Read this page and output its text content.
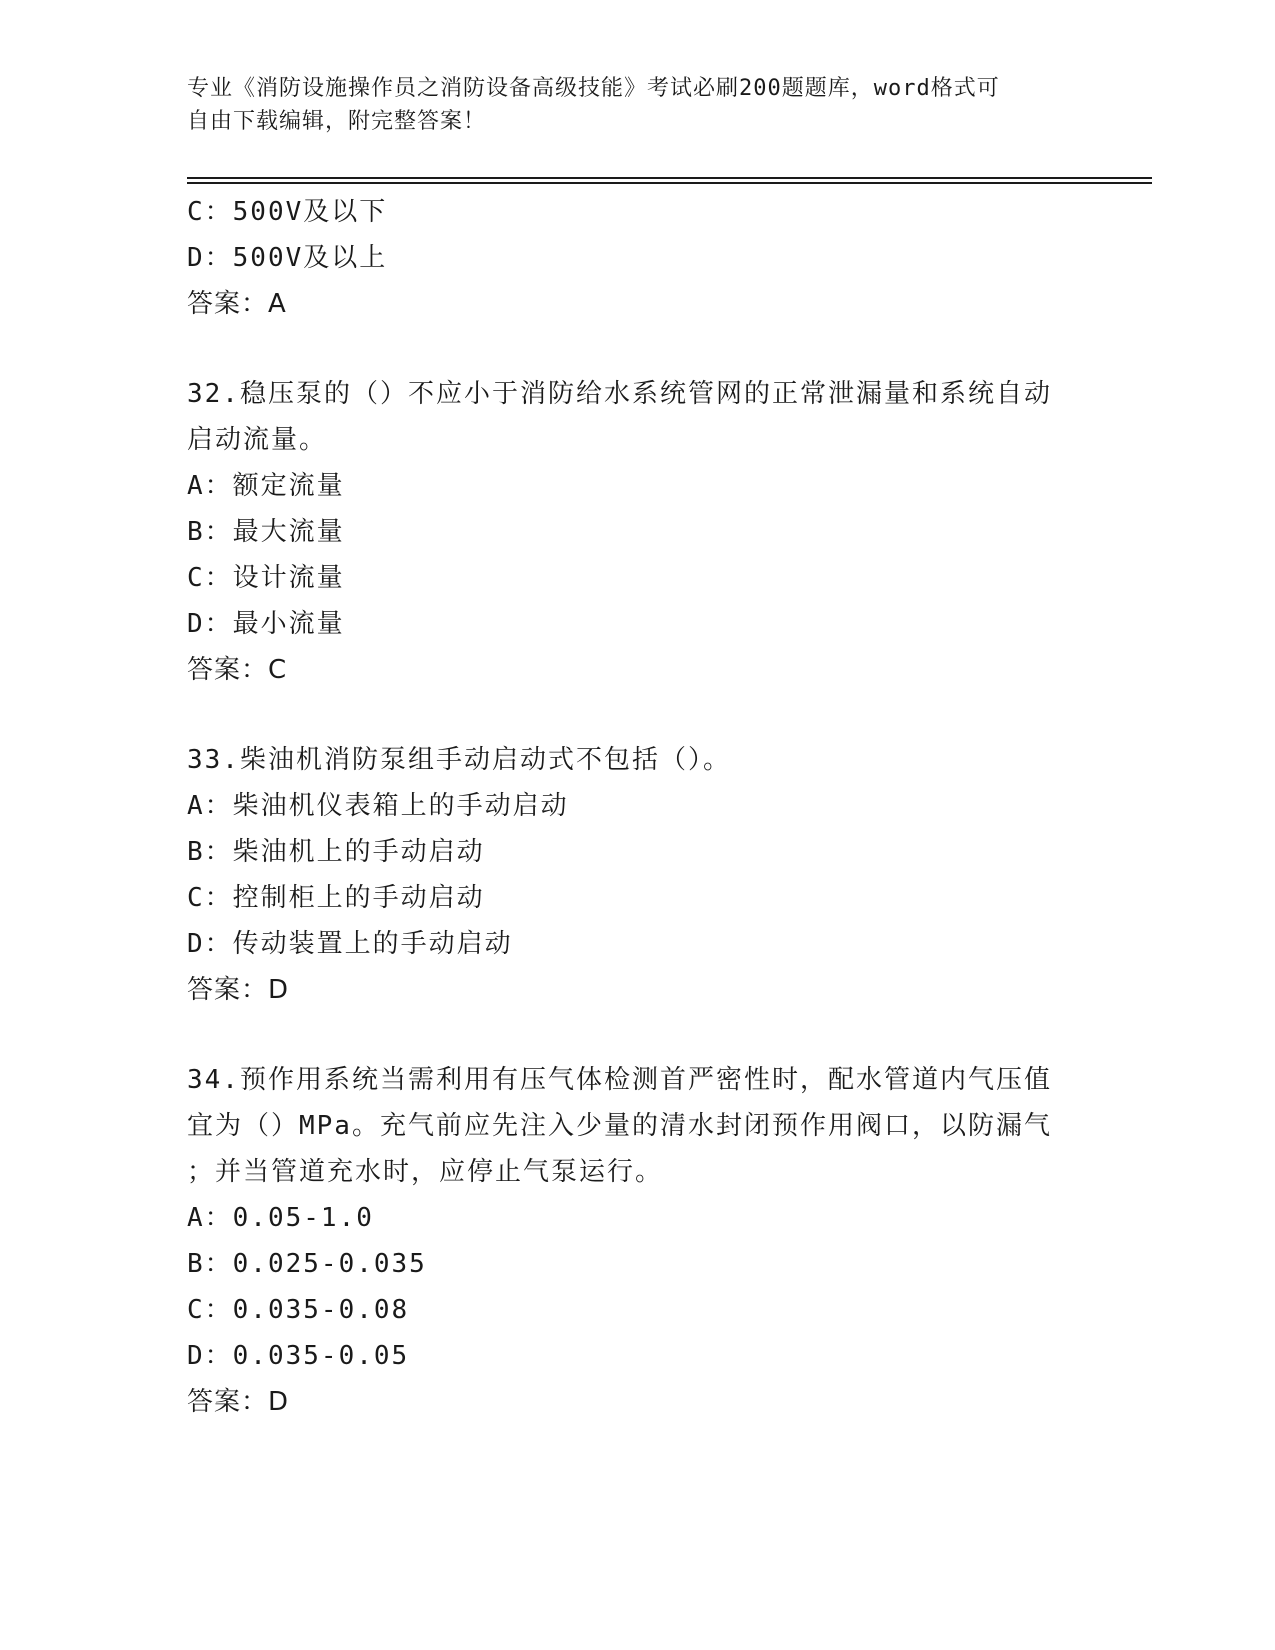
专业《消防设施操作员之消防设备高级技能》考试必刷200题题库，word格式可
自由下载编辑，附完整答案！
C：500V及以下
D：500V及以上
答案：A
32.稳压泵的（）不应小于消防给水系统管网的正常泄漏量和系统自动
启动流量。
A：额定流量
B：最大流量
C：设计流量
D：最小流量
答案：C
33.柴油机消防泵组手动启动式不包括（）。
A：柴油机仪表箱上的手动启动
B：柴油机上的手动启动
C：控制柜上的手动启动
D：传动装置上的手动启动
答案：D
34.预作用系统当需利用有压气体检测首严密性时，配水管道内气压值
宜为（）MPa。充气前应先注入少量的清水封闭预作用阀口，以防漏气
；并当管道充水时，应停止气泵运行。
A：0.05-1.0
B：0.025-0.035
C：0.035-0.08
D：0.035-0.05
答案：D
